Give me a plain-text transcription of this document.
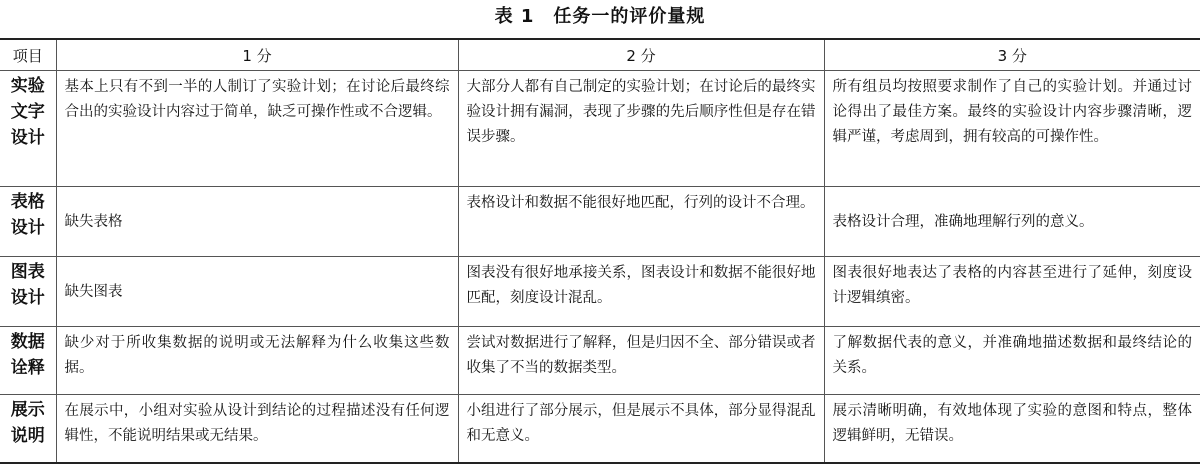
表 1　任务一的评价量规
项目	1 分	2 分	3 分
实验文字设计	基本上只有不到一半的人制订了实验计划；在讨论后最终综合出的实验设计内容过于简单，缺乏可操作性或不合逻辑。	大部分人都有自己制定的实验计划；在讨论后的最终实验设计拥有漏洞，表现了步骤的先后顺序性但是存在错误步骤。	所有组员均按照要求制作了自己的实验计划。并通过讨论得出了最佳方案。最终的实验设计内容步骤清晰，逻辑严谨，考虑周到，拥有较高的可操作性。
表格设计	缺失表格	表格设计和数据不能很好地匹配，行列的设计不合理。	表格设计合理，准确地理解行列的意义。
图表设计	缺失图表	图表没有很好地承接关系，图表设计和数据不能很好地匹配，刻度设计混乱。	图表很好地表达了表格的内容甚至进行了延伸，刻度设计逻辑缜密。
数据诠释	缺少对于所收集数据的说明或无法解释为什么收集这些数据。	尝试对数据进行了解释，但是归因不全、部分错误或者收集了不当的数据类型。	了解数据代表的意义，并准确地描述数据和最终结论的关系。
展示说明	在展示中，小组对实验从设计到结论的过程描述没有任何逻辑性，不能说明结果或无结果。	小组进行了部分展示，但是展示不具体，部分显得混乱和无意义。	展示清晰明确，有效地体现了实验的意图和特点，整体逻辑鲜明，无错误。
